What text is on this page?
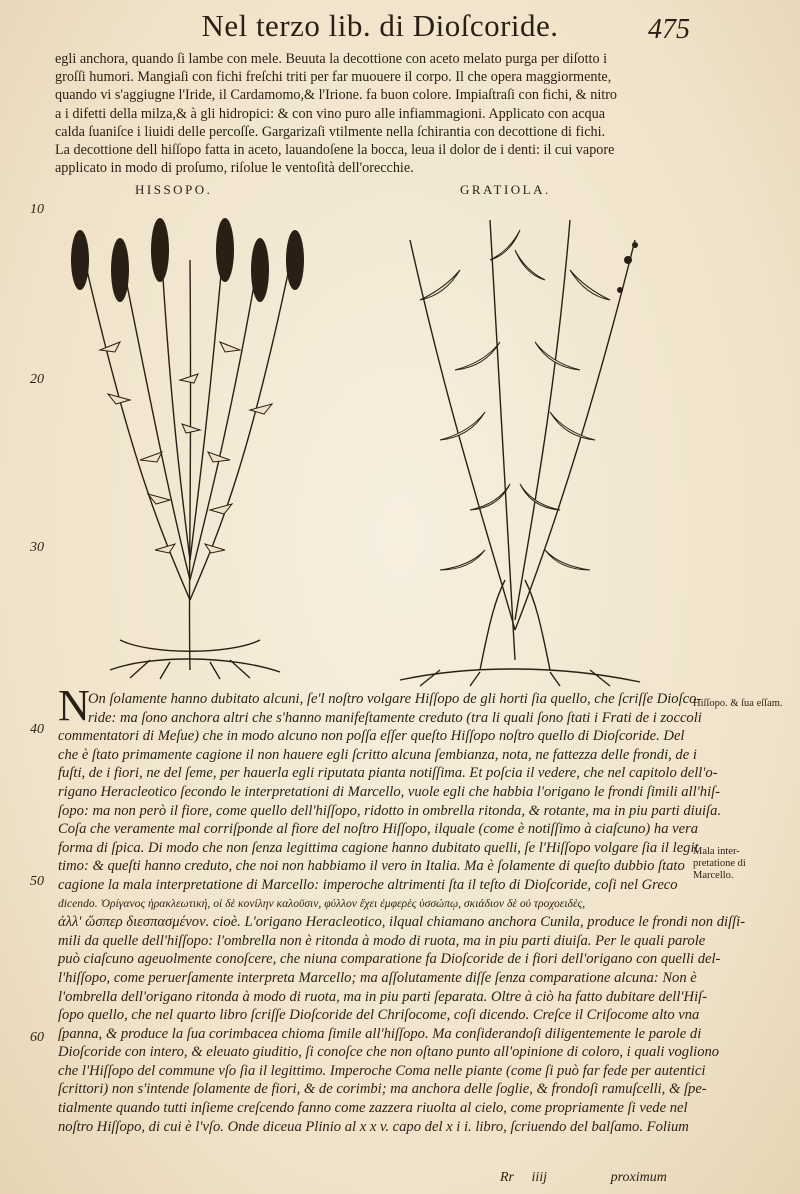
Nel terzo lib. di Dioſcoride.	475
egli anchora, quando ſi lambe con mele. Beuuta la decottione con aceto melato purga per diſotto i
groſſi humori. Mangiaſi con fichi freſchi triti per far muouere il corpo. Il che opera maggiormente,
quando vi s'aggiugne l'Iride, il Cardamomo,& l'Irione. fa buon colore. Impiaſtraſi con fichi, & nitro
a i difetti della milza,& à gli hidropici: & con vino puro alle infiammagioni. Applicato con acqua
calda ſuaniſce i liuidi delle percoſſe. Gargarizaſi vtilmente nella ſchirantia con decottione di fichi.
La decottione dell hiſſopo fatta in aceto, lauandoſene la bocca, leua il dolor de i denti: il cui vapore
applicato in modo di proſumo, riſolue le ventoſità dell'orecchie.
HISSOPO.	GRATIOLA.
10
20
30
40
50
60
N
On ſolamente hanno dubitato alcuni, ſe'l noſtro volgare Hiſſopo de gli horti ſia quello, che ſcriſſe Dioſco-
ride: ma ſono anchora altri che s'hanno manifeſtamente creduto (tra li quali ſono ſtati i Frati de i zoccoli
commentatori di Meſue) che in modo alcuno non poſſa eſſer queſto Hiſſopo noſtro quello di Dioſcoride. Del
che è ſtato primamente cagione il non hauere egli ſcritto alcuna ſembianza, nota, ne fattezza delle frondi, de i
fuſti, de i fiori, ne del ſeme, per hauerla egli riputata pianta notiſſima. Et poſcia il vedere, che nel capitolo dell'o-
rigano Heracleotico ſecondo le interpretationi di Marcello, vuole egli che habbia l'origano le frondi ſimili all'hiſ-
ſopo: ma non però il fiore, come quello dell'hiſſopo, ridotto in ombrella ritonda, & rotante, ma in piu parti diuiſa.
Coſa che veramente mal corriſponde al fiore del noſtro Hiſſopo, ilquale (come è notiſſimo à ciaſcuno) ha vera
forma di ſpica. Di modo che non ſenza legittima cagione hanno dubitato quelli, ſe l'Hiſſopo volgare ſia il legit
timo: & queſti hanno creduto, che noi non habbiamo il vero in Italia. Ma è ſolamente di queſto dubbio ſtato
cagione la mala interpretatione di Marcello: imperoche altrimenti ſta il teſto di Dioſcoride, coſi nel Greco
dicendo. Ὀρίγανος ἡρακλεωτική, οἱ δὲ κονίλην καλοῦσιν, φύλλον ἔχει ἐμφερὲς ὑσσώπῳ, σκιάδιον δὲ οὐ τροχοειδὲς,
ἀλλ' ὥσπερ διεσπασμένον. cioè. L'origano Heracleotico, ilqual chiamano anchora Cunila, produce le frondi non diſſi-
mili da quelle dell'hiſſopo: l'ombrella non è ritonda à modo di ruota, ma in piu parti diuiſa. Per le quali parole
può ciaſcuno ageuolmente conoſcere, che niuna comparatione fa Dioſcoride de i fiori dell'origano con quelli del-
l'hiſſopo, come peruerſamente interpreta Marcello; ma aſſolutamente diſſe ſenza comparatione alcuna: Non è
l'ombrella dell'origano ritonda à modo di ruota, ma in piu parti ſeparata. Oltre à ciò ha fatto dubitare dell'Hiſ-
ſopo quello, che nel quarto libro ſcriſſe Dioſcoride del Chriſocome, coſi dicendo. Creſce il Criſocome alto vna
ſpanna, & produce la ſua corimbacea chioma ſimile all'hiſſopo. Ma conſiderandoſi diligentemente le parole di
Dioſcoride con intero, & eleuato giuditio, ſi conoſce che non oſtano punto all'opinione di coloro, i quali vogliono
che l'Hiſſopo del commune vſo ſia il legittimo. Imperoche Coma nelle piante (come ſi può far fede per autentici
ſcrittori) non s'intende ſolamente de fiori, & de corimbi; ma anchora delle ſoglie, & frondoſi ramuſcelli, & ſpe-
tialmente quando tutti inſieme creſcendo fanno come zazzera riuolta al cielo, come propriamente ſi vede nel
noſtro Hiſſopo, di cui è l'vſo. Onde diceua Plinio al x x v. capo del x i i. libro, ſcriuendo del balſamo. Folium
Hiſſopo. & ſua eſſam.
Mala inter- pretatione di Marcello.
Rr iiij	proximum
